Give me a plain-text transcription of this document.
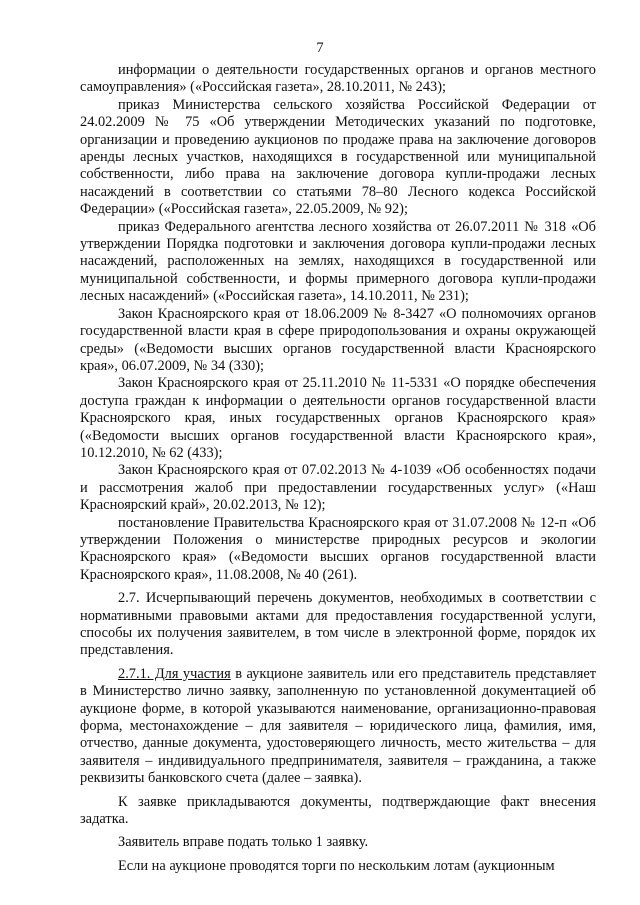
7

информации о деятельности государственных органов и органов местного самоуправления» («Российская газета», 28.10.2011, № 243);

приказ Министерства сельского хозяйства Российской Федерации от 24.02.2009 № 75 «Об утверждении Методических указаний по подготовке, организации и проведению аукционов по продаже права на заключение договоров аренды лесных участков, находящихся в государственной или муниципальной собственности, либо права на заключение договора купли-продажи лесных насаждений в соответствии со статьями 78–80 Лесного кодекса Российской Федерации» («Российская газета», 22.05.2009, № 92);

приказ Федерального агентства лесного хозяйства от 26.07.2011 № 318 «Об утверждении Порядка подготовки и заключения договора купли-продажи лесных насаждений, расположенных на землях, находящихся в государственной или муниципальной собственности, и формы примерного договора купли-продажи лесных насаждений» («Российская газета», 14.10.2011, № 231);

Закон Красноярского края от 18.06.2009 № 8-3427 «О полномочиях органов государственной власти края в сфере природопользования и охраны окружающей среды» («Ведомости высших органов государственной власти Красноярского края», 06.07.2009, № 34 (330);

Закон Красноярского края от 25.11.2010 № 11-5331 «О порядке обеспечения доступа граждан к информации о деятельности органов государственной власти Красноярского края, иных государственных органов Красноярского края» («Ведомости высших органов государственной власти Красноярского края», 10.12.2010, № 62 (433);

Закон Красноярского края от 07.02.2013 № 4-1039 «Об особенностях подачи и рассмотрения жалоб при предоставлении государственных услуг» («Наш Красноярский край», 20.02.2013, № 12);

постановление Правительства Красноярского края от 31.07.2008 № 12-п «Об утверждении Положения о министерстве природных ресурсов и экологии Красноярского края» («Ведомости высших органов государственной власти Красноярского края», 11.08.2008, № 40 (261).

2.7. Исчерпывающий перечень документов, необходимых в соответствии с нормативными правовыми актами для предоставления государственной услуги, способы их получения заявителем, в том числе в электронной форме, порядок их представления.

2.7.1. Для участия в аукционе заявитель или его представитель представляет в Министерство лично заявку, заполненную по установленной документацией об аукционе форме, в которой указываются наименование, организационно-правовая форма, местонахождение – для заявителя – юридического лица, фамилия, имя, отчество, данные документа, удостоверяющего личность, место жительства – для заявителя – индивидуального предпринимателя, заявителя – гражданина, а также реквизиты банковского счета (далее – заявка).

К заявке прикладываются документы, подтверждающие факт внесения задатка.

Заявитель вправе подать только 1 заявку.

Если на аукционе проводятся торги по нескольким лотам (аукционным
